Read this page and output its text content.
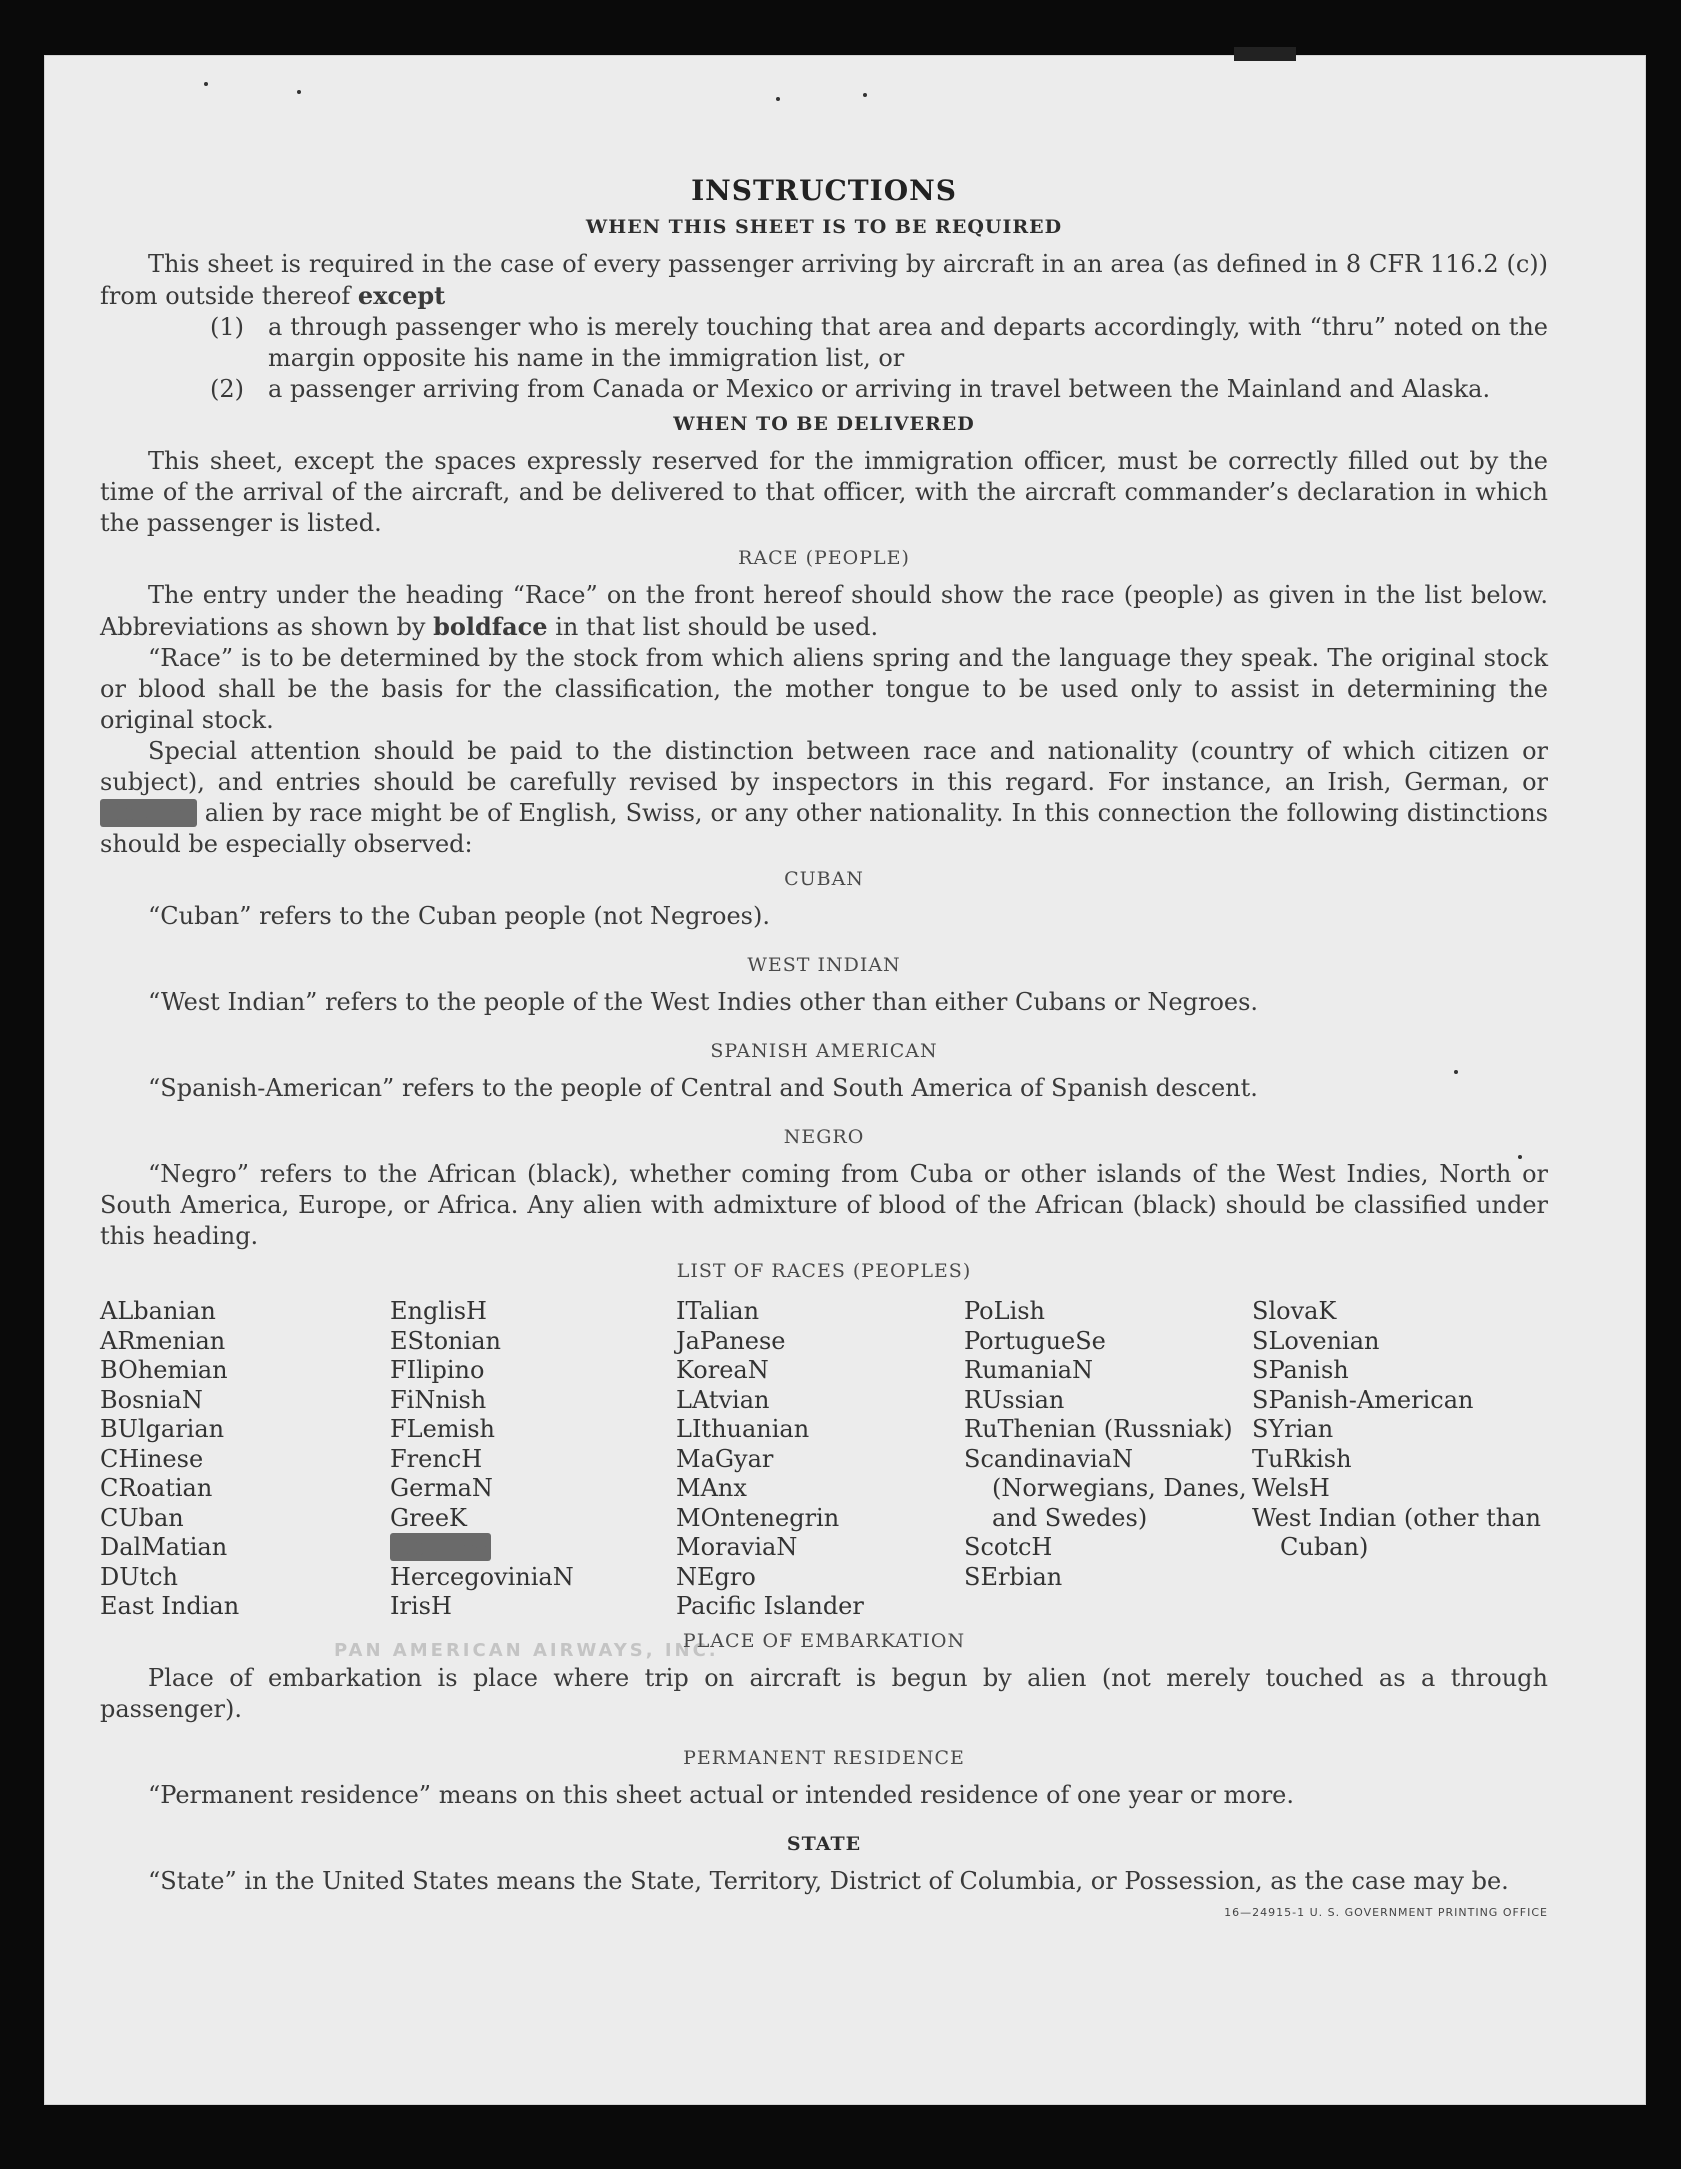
PAN AMERICAN AIRWAYS, INC.
INSTRUCTIONS
WHEN THIS SHEET IS TO BE REQUIRED

This sheet is required in the case of every passenger arriving by aircraft in an area (as defined in 8 CFR 116.2 (c)) from outside thereof except

(1)	a through passenger who is merely touching that area and departs accordingly, with “thru” noted on the margin opposite his name in the immigration list, or
(2)	a passenger arriving from Canada or Mexico or arriving in travel between the Mainland and Alaska.
WHEN TO BE DELIVERED

This sheet, except the spaces expressly reserved for the immigration officer, must be correctly filled out by the time of the arrival of the aircraft, and be delivered to that officer, with the aircraft commander’s declaration in which the passenger is listed.

RACE (PEOPLE)

The entry under the heading “Race” on the front hereof should show the race (people) as given in the list below. Abbreviations as shown by boldface in that list should be used.

“Race” is to be determined by the stock from which aliens spring and the language they speak. The original stock or blood shall be the basis for the classification, the mother tongue to be used only to assist in determining the original stock.

Special attention should be paid to the distinction between race and nationality (country of which citizen or subject), and entries should be carefully revised by inspectors in this regard. For instance, an Irish, German, or Hebrew alien by race might be of English, Swiss, or any other nationality. In this connection the following distinctions should be especially observed:

CUBAN

“Cuban” refers to the Cuban people (not Negroes).

WEST INDIAN

“West Indian” refers to the people of the West Indies other than either Cubans or Negroes.

SPANISH AMERICAN

“Spanish-American” refers to the people of Central and South America of Spanish descent.

NEGRO

“Negro” refers to the African (black), whether coming from Cuba or other islands of the West Indies, North or South America, Europe, or Africa. Any alien with admixture of blood of the African (black) should be classified under this heading.

LIST OF RACES (PEOPLES)
ALbanian
ARmenian
BOhemian
BosniaN
BUlgarian
CHinese
CRoatian
CUban
DalMatian
DUtch
East Indian
EnglisH
EStonian
FIlipino
FiNnish
FLemish
FrencH
GermaN
GreeK
HebreW
HercegoviniaN
IrisH
ITalian
JaPanese
KoreaN
LAtvian
LIthuanian
MaGyar
MAnx
MOntenegrin
MoraviaN
NEgro
Pacific Islander
PoLish
PortugueSe
RumaniaN
RUssian
RuThenian (Russniak)
ScandinaviaN (Norwegians, Danes, and Swedes)
ScotcH
SErbian
SlovaK
SLovenian
SPanish
SPanish-American
SYrian
TuRkish
WelsH
West Indian (other than Cuban)
PLACE OF EMBARKATION

Place of embarkation is place where trip on aircraft is begun by alien (not merely touched as a through passenger).

PERMANENT RESIDENCE

“Permanent residence” means on this sheet actual or intended residence of one year or more.

STATE

“State” in the United States means the State, Territory, District of Columbia, or Possession, as the case may be.

16—24915-1 U. S. GOVERNMENT PRINTING OFFICE
